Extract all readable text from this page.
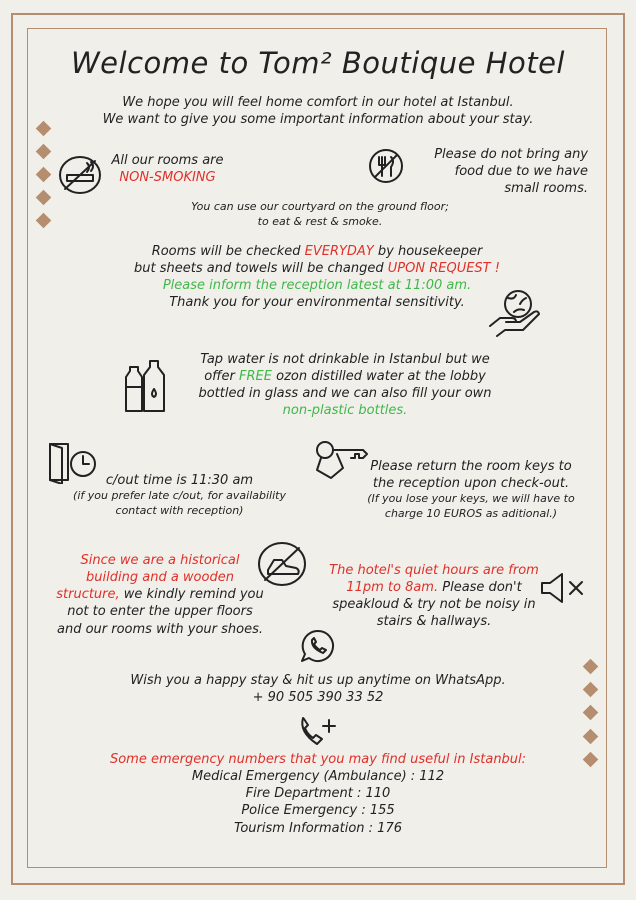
Welcome to Tom² Boutique Hotel
We hope you will feel home comfort in our hotel at Istanbul.
We want to give you some important information about your stay.
All our rooms are
NON-SMOKING
Please do not bring any
food due to we have
small rooms.
You can use our courtyard on the ground floor;
to eat & rest & smoke.
Rooms will be checked EVERYDAY by housekeeper
but sheets and towels will be changed UPON REQUEST !
Please inform the reception latest at 11:00 am.
Thank you for your environmental sensitivity.
Tap water is not drinkable in Istanbul but we
offer FREE ozon distilled water at the lobby
bottled in glass and we can also fill your own
non-plastic bottles.
c/out time is 11:30 am
(if you prefer late c/out, for availability
contact with reception)
Please return the room keys to
the reception upon check-out.
(If you lose your keys, we will have to
charge 10 EUROS as aditional.)
Since we are a historical
building and a wooden
structure, we kindly remind you
not to enter the upper floors
and our rooms with your shoes.
The hotel's quiet hours are from
11pm to 8am. Please don't
speakloud & try not be noisy in
stairs & hallways.
Wish you a happy stay & hit us up anytime on WhatsApp.
+ 90 505 390 33 52
Some emergency numbers that you may find useful in Istanbul:
Medical Emergency (Ambulance) : 112
Fire Department : 110
Police Emergency : 155
Tourism Information : 176
